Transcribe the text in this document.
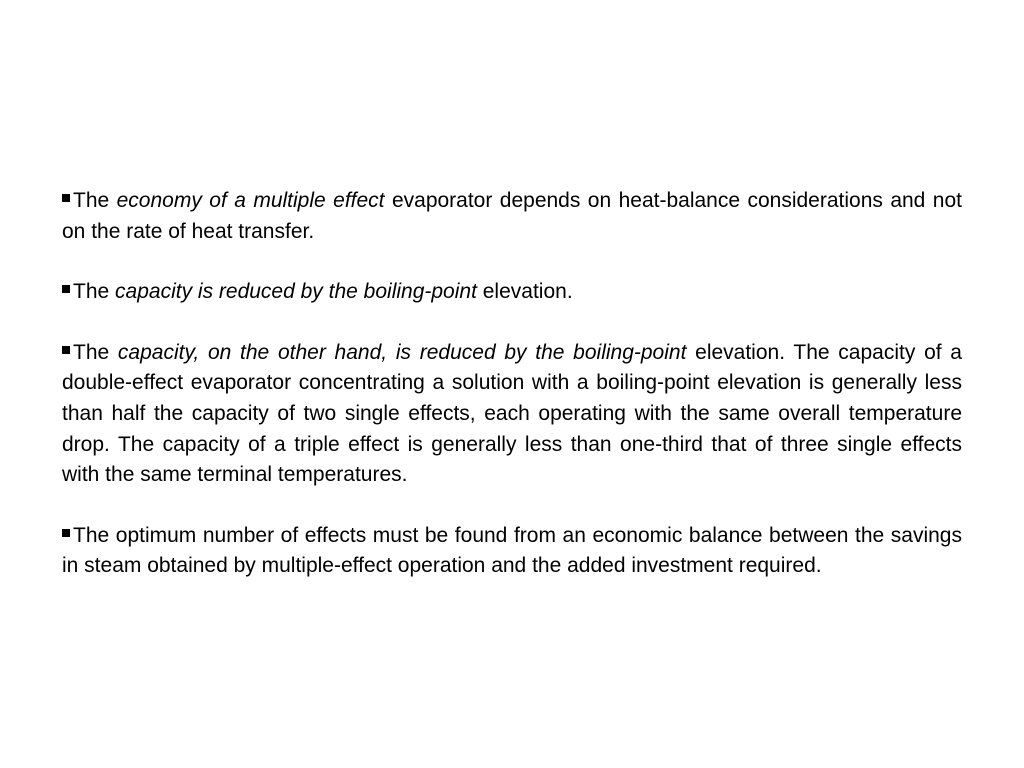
The economy of a multiple effect evaporator depends on heat-balance considerations and not on the rate of heat transfer.

The capacity is reduced by the boiling-point elevation.

The capacity, on the other hand, is reduced by the boiling-point elevation. The capacity of a double-effect evaporator concentrating a solution with a boiling-point elevation is generally less than half the capacity of two single effects, each operating with the same overall temperature drop. The capacity of a triple effect is generally less than one-third that of three single effects with the same terminal temperatures.

The optimum number of effects must be found from an economic balance between the savings in steam obtained by multiple-effect operation and the added investment required.
